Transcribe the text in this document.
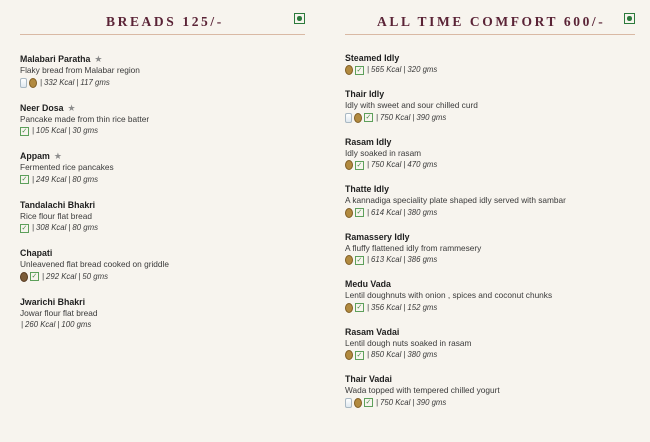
BREADS 125/-
Malabari Paratha ★
Flaky bread from Malabar region
| 332 Kcal | 117 gms
Neer Dosa ★
Pancake made from thin rice batter
✓
| 105 Kcal | 30 gms
Appam ★
Fermented rice pancakes
✓
| 249 Kcal | 80 gms
Tandalachi Bhakri
Rice flour flat bread
✓
| 308 Kcal | 80 gms
Chapati
Unleavened flat bread cooked on griddle
✓
| 292 Kcal | 50 gms
Jwarichi Bhakri
Jowar flour flat bread
| 260 Kcal | 100 gms
ALL TIME COMFORT 600/-
Steamed Idly
✓
| 565 Kcal | 320 gms
Thair Idly
Idly with sweet and sour chilled curd
✓
| 750 Kcal | 390 gms
Rasam Idly
Idly soaked in rasam
✓
| 750 Kcal | 470 gms
Thatte Idly
A kannadiga speciality plate shaped idly served with sambar
✓
| 614 Kcal | 380 gms
Ramassery Idly
A fluffy flattened idly from rammesery
✓
| 613 Kcal | 386 gms
Medu Vada
Lentil doughnuts with onion , spices and coconut chunks
✓
| 356 Kcal | 152 gms
Rasam Vadai
Lentil dough nuts soaked in rasam
✓
| 850 Kcal | 380 gms
Thair Vadai
Wada topped with tempered chilled yogurt
✓
| 750 Kcal | 390 gms
